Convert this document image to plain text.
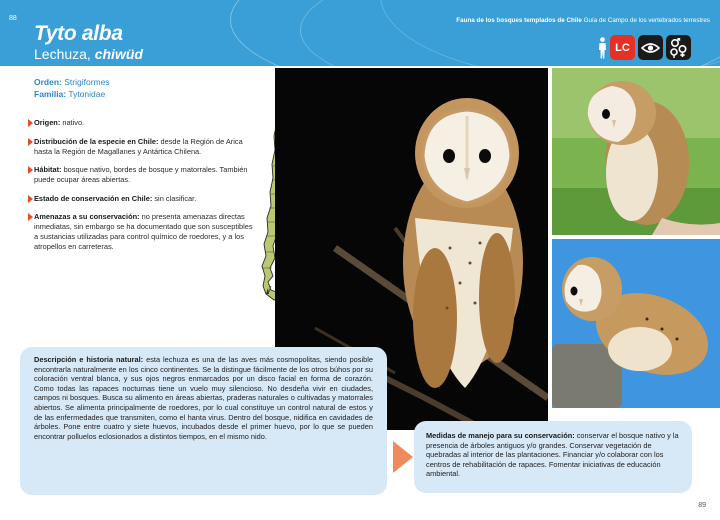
88
Tyto alba
Lechuza, chiwüd
Fauna de los bosques templados de Chile Guía de Campo de los vertebrados terrestres
LC
Orden: Strigiformes
Familia: Tytonidae
Origen: nativo.
Distribución de la especie en Chile: desde la Región de Arica hasta la Región de Magallanes y Antártica Chilena.
Hábitat: bosque nativo, bordes de bosque y matorrales. También puede ocupar áreas abiertas.
Estado de conservación en Chile: sin clasificar.
Amenazas a su conservación: no presenta amenazas directas inmediatas, sin embargo se ha documentado que son susceptibles a sustancias utilizadas para control químico de roedores, y a los atropellos en carreteras.
Descripción e historia natural: esta lechuza es una de las aves más cosmopolitas, siendo posible encontrarla naturalmente en los cinco continentes. Se la distingue fácilmente de los otros búhos por su coloración ventral blanca, y sus ojos negros enmarcados por un disco facial en forma de corazón. Como todas las rapaces nocturnas tiene un vuelo muy silencioso. No desdeña vivir en ciudades, campos ni bosques. Busca su alimento en áreas abiertas, praderas naturales o cultivadas y matorrales abiertos. Se alimenta principalmente de roedores, por lo cual constituye un control natural de estos y de las enfermedades que transmiten, como el hanta virus. Dentro del bosque, nidifica en cavidades de árboles. Pone entre cuatro y siete huevos, incubados desde el primer huevo, por lo que se pueden encontrar polluelos eclosionados a distintos tiempos, en el mismo nido.	Medidas de manejo para su conservación: conservar el bosque nativo y la presencia de árboles antiguos y/o grandes. Conservar vegetación de quebradas al interior de las plantaciones. Financiar y/o colaborar con los centros de rehabilitación de rapaces. Fomentar iniciativas de educación ambiental.
89
